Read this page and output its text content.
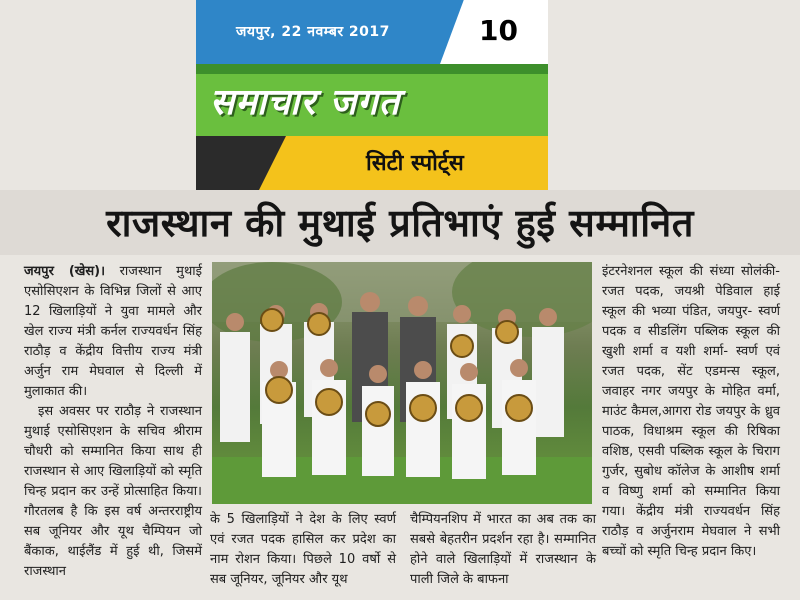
जयपुर, 22 नवम्बर 2017	10
समाचार जगत
सिटी स्पोर्ट्स
राजस्थान की मुथाई प्रतिभाएं हुई सम्मानित

जयपुर (खेस)। राजस्थान मुथाई एसोसिएशन के विभिन्न जिलों से आए 12 खिलाड़ियों ने युवा मामले और खेल राज्य मंत्री कर्नल राज्यवर्धन सिंह राठौड़ व केंद्रीय वित्तीय राज्य मंत्री अर्जुन राम मेघवाल से दिल्ली में मुलाकात की।

इस अवसर पर राठौड़ ने राजस्थान मुथाई एसोसिएशन के सचिव श्रीराम चौधरी को सम्मानित किया साथ ही राजस्थान से आए खिलाड़ियों को स्मृति चिन्ह प्रदान कर उन्हें प्रोत्साहित किया। गौरतलब है कि इस वर्ष अन्तरराष्ट्रीय सब जूनियर और यूथ चैम्पियन जो बैंकाक, थाईलैंड में हुई थी, जिसमें राजस्थान

के 5 खिलाड़ियों ने देश के लिए स्वर्ण एवं रजत पदक हासिल कर प्रदेश का नाम रोशन किया। पिछले 10 वर्षो से सब जूनियर, जूनियर और यूथ

चैम्पियनशिप में भारत का अब तक का सबसे बेहतरीन प्रदर्शन रहा है। सम्मानित होने वाले खिलाड़ियों में राजस्थान के पाली जिले के बाफना

इंटरनेशनल स्कूल की संध्या सोलंकी- रजत पदक, जयश्री पेडिवाल हाई स्कूल की भव्या पंडित, जयपुर- स्वर्ण पदक व सीडलिंग पब्लिक स्कूल की खुशी शर्मा व यशी शर्मा- स्वर्ण एवं रजत पदक, सेंट एडमन्स स्कूल, जवाहर नगर जयपुर के मोहित वर्मा, माउंट कैमल,आगरा रोड जयपुर के ध्रुव पाठक, विधाश्रम स्कूल की रिषिका वशिष्ठ, एसवी पब्लिक स्कूल के चिराग गुर्जर, सुबोध कॉलेज के आशीष शर्मा व विष्णु शर्मा को सम्मानित किया गया। केंद्रीय मंत्री राज्यवर्धन सिंह राठौड़ व अर्जुनराम मेघवाल ने सभी बच्चों को स्मृति चिन्ह प्रदान किए।
